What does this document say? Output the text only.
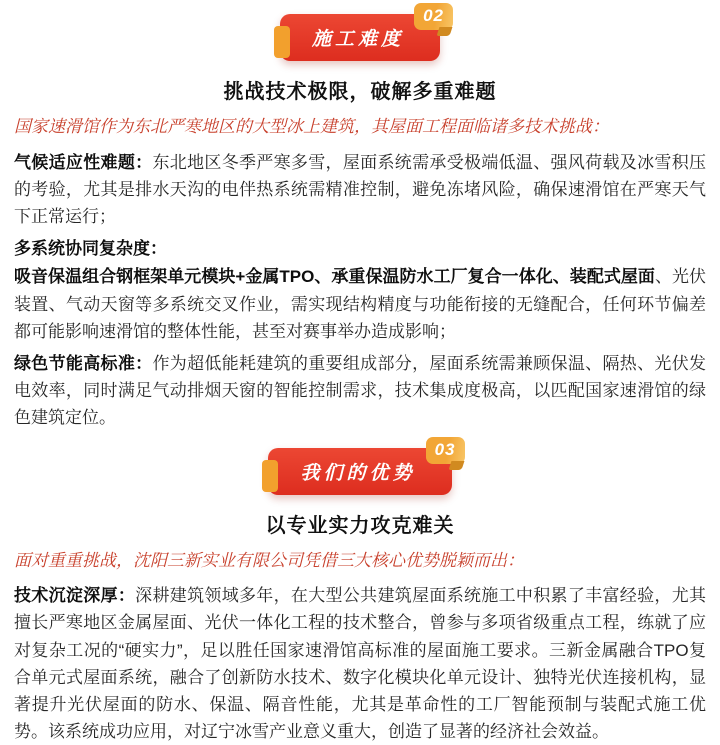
施工难度
02
挑战技术极限，破解多重难题

国家速滑馆作为东北严寒地区的大型冰上建筑，其屋面工程面临诸多技术挑战：

气候适应性难题：东北地区冬季严寒多雪，屋面系统需承受极端低温、强风荷载及冰雪积压的考验，尤其是排水天沟的电伴热系统需精准控制，避免冻堵风险，确保速滑馆在严寒天气下正常运行；

多系统协同复杂度：

吸音保温组合钢框架单元模块+金属TPO、承重保温防水工厂复合一体化、装配式屋面、光伏装置、气动天窗等多系统交叉作业，需实现结构精度与功能衔接的无缝配合，任何环节偏差都可能影响速滑馆的整体性能，甚至对赛事举办造成影响；

绿色节能高标准：作为超低能耗建筑的重要组成部分，屋面系统需兼顾保温、隔热、光伏发电效率，同时满足气动排烟天窗的智能控制需求，技术集成度极高，以匹配国家速滑馆的绿色建筑定位。

我们的优势
03
以专业实力攻克难关

面对重重挑战，沈阳三新实业有限公司凭借三大核心优势脱颖而出：

技术沉淀深厚：深耕建筑领域多年，在大型公共建筑屋面系统施工中积累了丰富经验，尤其擅长严寒地区金属屋面、光伏一体化工程的技术整合，曾参与多项省级重点工程，练就了应对复杂工况的“硬实力”，足以胜任国家速滑馆高标准的屋面施工要求。三新金属融合TPO复合单元式屋面系统，融合了创新防水技术、数字化模块化单元设计、独特光伏连接机构，显著提升光伏屋面的防水、保温、隔音性能，尤其是革命性的工厂智能预制与装配式施工优势。该系统成功应用，对辽宁冰雪产业意义重大，创造了显著的经济社会效益。
